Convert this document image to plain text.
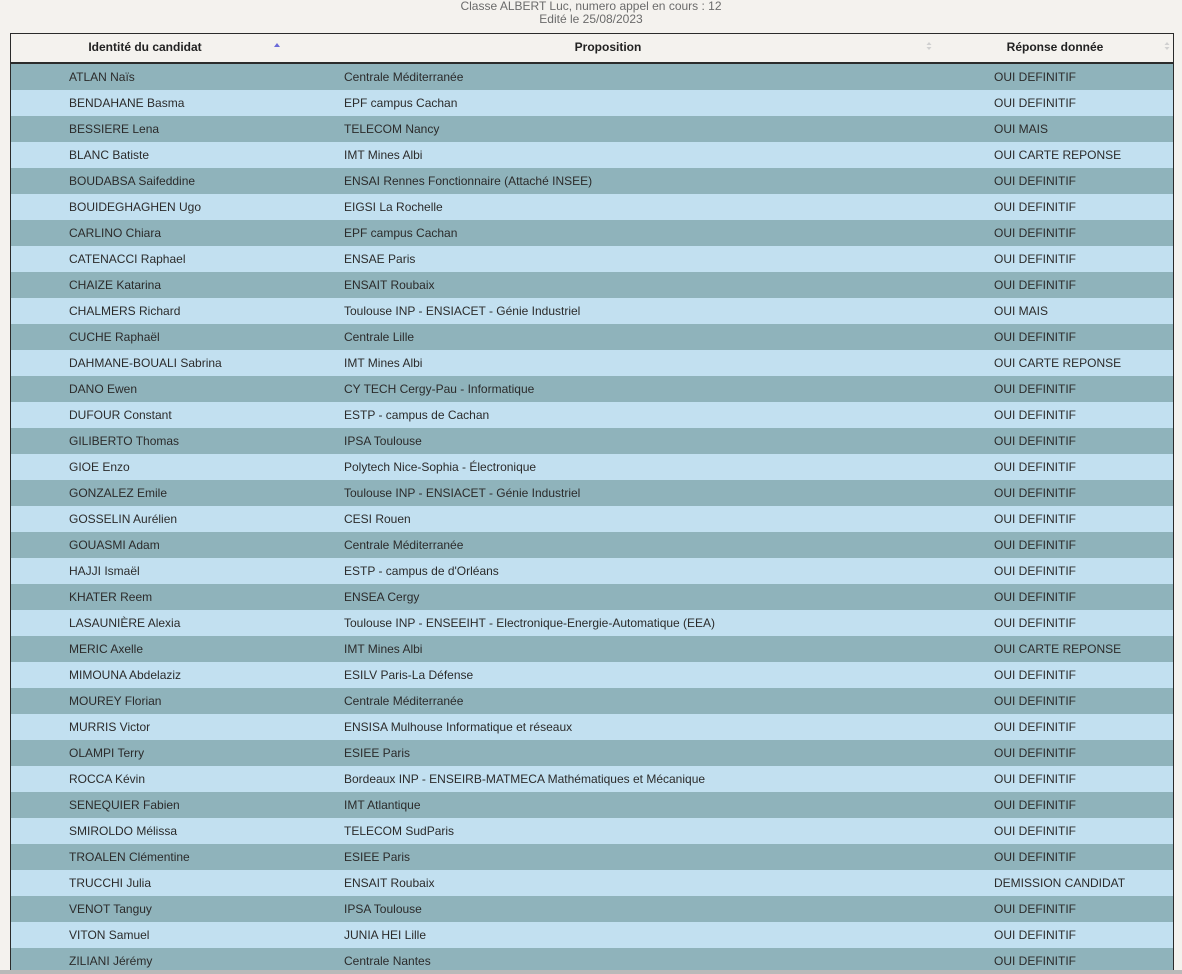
Classe ALBERT Luc, numero appel en cours : 12
Edité le 25/08/2023
Identité du candidat	Proposition	Réponse donnée
ATLAN Naïs	Centrale Méditerranée	OUI DEFINITIF
BENDAHANE Basma	EPF campus Cachan	OUI DEFINITIF
BESSIERE Lena	TELECOM Nancy	OUI MAIS
BLANC Batiste	IMT Mines Albi	OUI CARTE REPONSE
BOUDABSA Saifeddine	ENSAI Rennes Fonctionnaire (Attaché INSEE)	OUI DEFINITIF
BOUIDEGHAGHEN Ugo	EIGSI La Rochelle	OUI DEFINITIF
CARLINO Chiara	EPF campus Cachan	OUI DEFINITIF
CATENACCI Raphael	ENSAE Paris	OUI DEFINITIF
CHAIZE Katarina	ENSAIT Roubaix	OUI DEFINITIF
CHALMERS Richard	Toulouse INP - ENSIACET - Génie Industriel	OUI MAIS
CUCHE Raphaël	Centrale Lille	OUI DEFINITIF
DAHMANE-BOUALI Sabrina	IMT Mines Albi	OUI CARTE REPONSE
DANO Ewen	CY TECH Cergy-Pau - Informatique	OUI DEFINITIF
DUFOUR Constant	ESTP - campus de Cachan	OUI DEFINITIF
GILIBERTO Thomas	IPSA Toulouse	OUI DEFINITIF
GIOE Enzo	Polytech Nice-Sophia - Électronique	OUI DEFINITIF
GONZALEZ Emile	Toulouse INP - ENSIACET - Génie Industriel	OUI DEFINITIF
GOSSELIN Aurélien	CESI Rouen	OUI DEFINITIF
GOUASMI Adam	Centrale Méditerranée	OUI DEFINITIF
HAJJI Ismaël	ESTP - campus de d'Orléans	OUI DEFINITIF
KHATER Reem	ENSEA Cergy	OUI DEFINITIF
LASAUNIÈRE Alexia	Toulouse INP - ENSEEIHT - Electronique-Energie-Automatique (EEA)	OUI DEFINITIF
MERIC Axelle	IMT Mines Albi	OUI CARTE REPONSE
MIMOUNA Abdelaziz	ESILV Paris-La Défense	OUI DEFINITIF
MOUREY Florian	Centrale Méditerranée	OUI DEFINITIF
MURRIS Victor	ENSISA Mulhouse Informatique et réseaux	OUI DEFINITIF
OLAMPI Terry	ESIEE Paris	OUI DEFINITIF
ROCCA Kévin	Bordeaux INP - ENSEIRB-MATMECA Mathématiques et Mécanique	OUI DEFINITIF
SENEQUIER Fabien	IMT Atlantique	OUI DEFINITIF
SMIROLDO Mélissa	TELECOM SudParis	OUI DEFINITIF
TROALEN Clémentine	ESIEE Paris	OUI DEFINITIF
TRUCCHI Julia	ENSAIT Roubaix	DEMISSION CANDIDAT
VENOT Tanguy	IPSA Toulouse	OUI DEFINITIF
VITON Samuel	JUNIA HEI Lille	OUI DEFINITIF
ZILIANI Jérémy	Centrale Nantes	OUI DEFINITIF
